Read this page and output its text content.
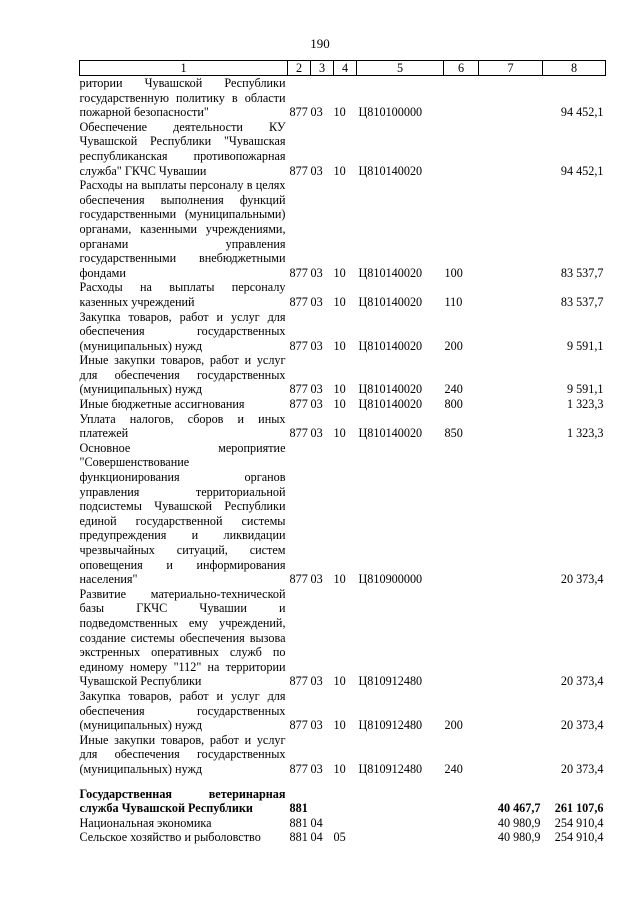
190
1	2	3	4	5	6	7	8
ритории Чувашской Республики государственную политику в области пожарной безопасности"	877	03	10	Ц810100000			94 452,1
Обеспечение деятельности КУ Чувашской Республики "Чувашская республиканская противопожарная служба" ГКЧС Чувашии	877	03	10	Ц810140020			94 452,1
Расходы на выплаты персоналу в целях обеспечения выполнения функций государственными (муниципальными) органами, казенными учреждениями, органами управления государственными внебюджетными фондами	877	03	10	Ц810140020	100		83 537,7
Расходы на выплаты персоналу казенных учреждений	877	03	10	Ц810140020	110		83 537,7
Закупка товаров, работ и услуг для обеспечения государственных (муниципальных) нужд	877	03	10	Ц810140020	200		9 591,1
Иные закупки товаров, работ и услуг для обеспечения государственных (муниципальных) нужд	877	03	10	Ц810140020	240		9 591,1
Иные бюджетные ассигнования	877	03	10	Ц810140020	800		1 323,3
Уплата налогов, сборов и иных платежей	877	03	10	Ц810140020	850		1 323,3
Основное мероприятие "Совершенствование функционирования органов управления территориальной подсистемы Чувашской Республики единой государственной системы предупреждения и ликвидации чрезвычайных ситуаций, систем оповещения и информирования населения"	877	03	10	Ц810900000			20 373,4
Развитие материально-технической базы ГКЧС Чувашии и подведомственных ему учреждений, создание системы обеспечения вызова экстренных оперативных служб по единому номеру "112" на территории Чувашской Республики	877	03	10	Ц810912480			20 373,4
Закупка товаров, работ и услуг для обеспечения государственных (муниципальных) нужд	877	03	10	Ц810912480	200		20 373,4
Иные закупки товаров, работ и услуг для обеспечения государственных (муниципальных) нужд	877	03	10	Ц810912480	240		20 373,4

Государственная ветеринарная служба Чувашской Республики	881					40 467,7	261 107,6
Национальная экономика	881	04				40 980,9	254 910,4
Сельское хозяйство и рыболовство	881	04	05			40 980,9	254 910,4
